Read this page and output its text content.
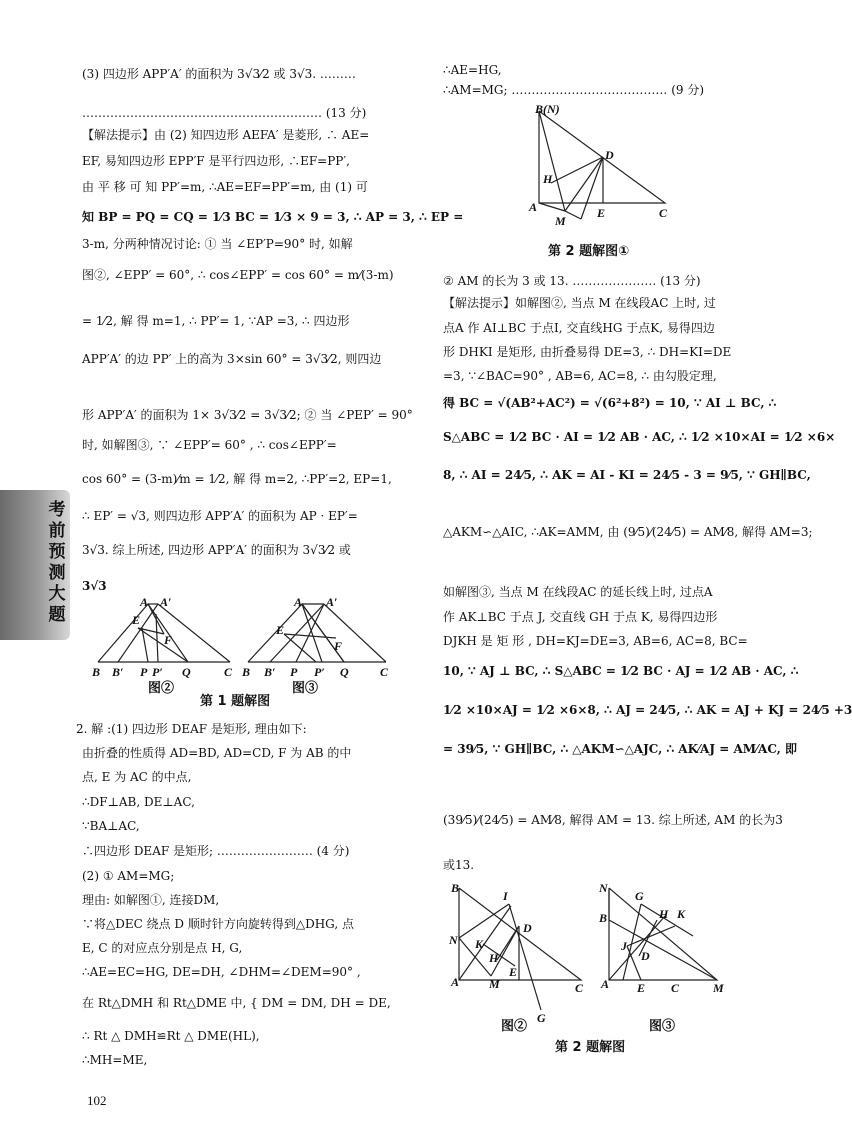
(3) 四边形 APP′A′ 的面积为 3√3⁄2 或 3√3. ………
…………………………………………………… (13 分)
【解法提示】由 (2) 知四边形 AEFA′ 是菱形, ∴ AE=
EF, 易知四边形 EPP′F 是平行四边形, ∴EF=PP′,
由 平 移 可 知 PP′=m, ∴AE=EF=PP′=m, 由 (1) 可
知 BP = PQ = CQ = 1⁄3 BC = 1⁄3 × 9 = 3, ∴ AP = 3, ∴ EP =
3-m, 分两种情况讨论: ① 当 ∠EP′P=90° 时, 如解
图②, ∠EPP′ = 60°, ∴ cos∠EPP′ = cos 60° = m⁄(3-m)
= 1⁄2, 解 得 m=1, ∴ PP′= 1, ∵AP =3, ∴ 四边形
APP′A′ 的边 PP′ 上的高为 3×sin 60° = 3√3⁄2, 则四边
形 APP′A′ 的面积为 1× 3√3⁄2 = 3√3⁄2; ② 当 ∠PEP′ = 90°
时, 如解图③, ∵ ∠EPP′= 60° , ∴ cos∠EPP′=
cos 60° = (3-m)⁄m = 1⁄2, 解 得 m=2, ∴PP′=2, EP=1,
∴ EP′ = √3, 则四边形 APP′A′ 的面积为 AP · EP′=
3√3. 综上所述, 四边形 APP′A′ 的面积为 3√3⁄2 或
3√3
2. 解 :(1) 四边形 DEAF 是矩形, 理由如下:
由折叠的性质得 AD=BD, AD=CD, F 为 AB 的中
点, E 为 AC 的中点,
∴DF⊥AB, DE⊥AC,
∵BA⊥AC,
∴四边形 DEAF 是矩形; …………………… (4 分)
(2) ① AM=MG;
理由: 如解图①, 连接DM,
∵将△DEC 绕点 D 顺时针方向旋转得到△DHG, 点
E, C 的对应点分别是点 H, G,
∴AE=EC=HG, DE=DH, ∠DHM=∠DEM=90° ,
在 Rt△DMH 和 Rt△DME 中, { DM = DM, DH = DE,
∴ Rt △ DMH≌Rt △ DME(HL),
∴MH=ME,
E
A A′
F
B B′ P P′ Q	C
A A′
E
F
B B′ P P′ Q	C
图②	图③
第 1 题解图
∴AE=HG,
∴AM=MG; ………………………………… (9 分)
② AM 的长为 3 或 13. ………………… (13 分)
【解法提示】如解图②, 当点 M 在线段AC 上时, 过
点A 作 AI⊥BC 于点I, 交直线HG 于点K, 易得四边
形 DHKI 是矩形, 由折叠易得 DE=3, ∴ DH=KI=DE
=3, ∵∠BAC=90° , AB=6, AC=8, ∴ 由勾股定理,
得 BC = √(AB²+AC²) = √(6²+8²) = 10, ∵ AI ⊥ BC, ∴
S△ABC = 1⁄2 BC · AI = 1⁄2 AB · AC, ∴ 1⁄2 ×10×AI = 1⁄2 ×6×
8, ∴ AI = 24⁄5, ∴ AK = AI - KI = 24⁄5 - 3 = 9⁄5, ∵ GH∥BC,
△AKM∽△AIC, ∴AK=AMM, 由 (9⁄5)⁄(24⁄5) = AM⁄8, 解得 AM=3;
如解图③, 当点 M 在线段AC 的延长线上时, 过点A
作 AK⊥BC 于点 J, 交直线 GH 于点 K, 易得四边形
DJKH 是 矩 形 , DH=KJ=DE=3, AB=6, AC=8, BC=
10, ∵ AJ ⊥ BC, ∴ S△ABC = 1⁄2 BC · AJ = 1⁄2 AB · AC, ∴
1⁄2 ×10×AJ = 1⁄2 ×6×8, ∴ AJ = 24⁄5, ∴ AK = AJ + KJ = 24⁄5 +3
= 39⁄5, ∵ GH∥BC, ∴ △AKM∽△AJC, ∴ AK⁄AJ = AM⁄AC, 即
(39⁄5)⁄(24⁄5) = AM⁄8, 解得 AM = 13. 综上所述, AM 的长为3
或13.
B(N)
D
H
A
M
E	C
第 2 题解图①
B
I
D
N K
H
E
A M	C
G
N
G
K
H
B
J
D
A E C	M
图②	图③
第 2 题解图
考
前
预
测
大
题
102
